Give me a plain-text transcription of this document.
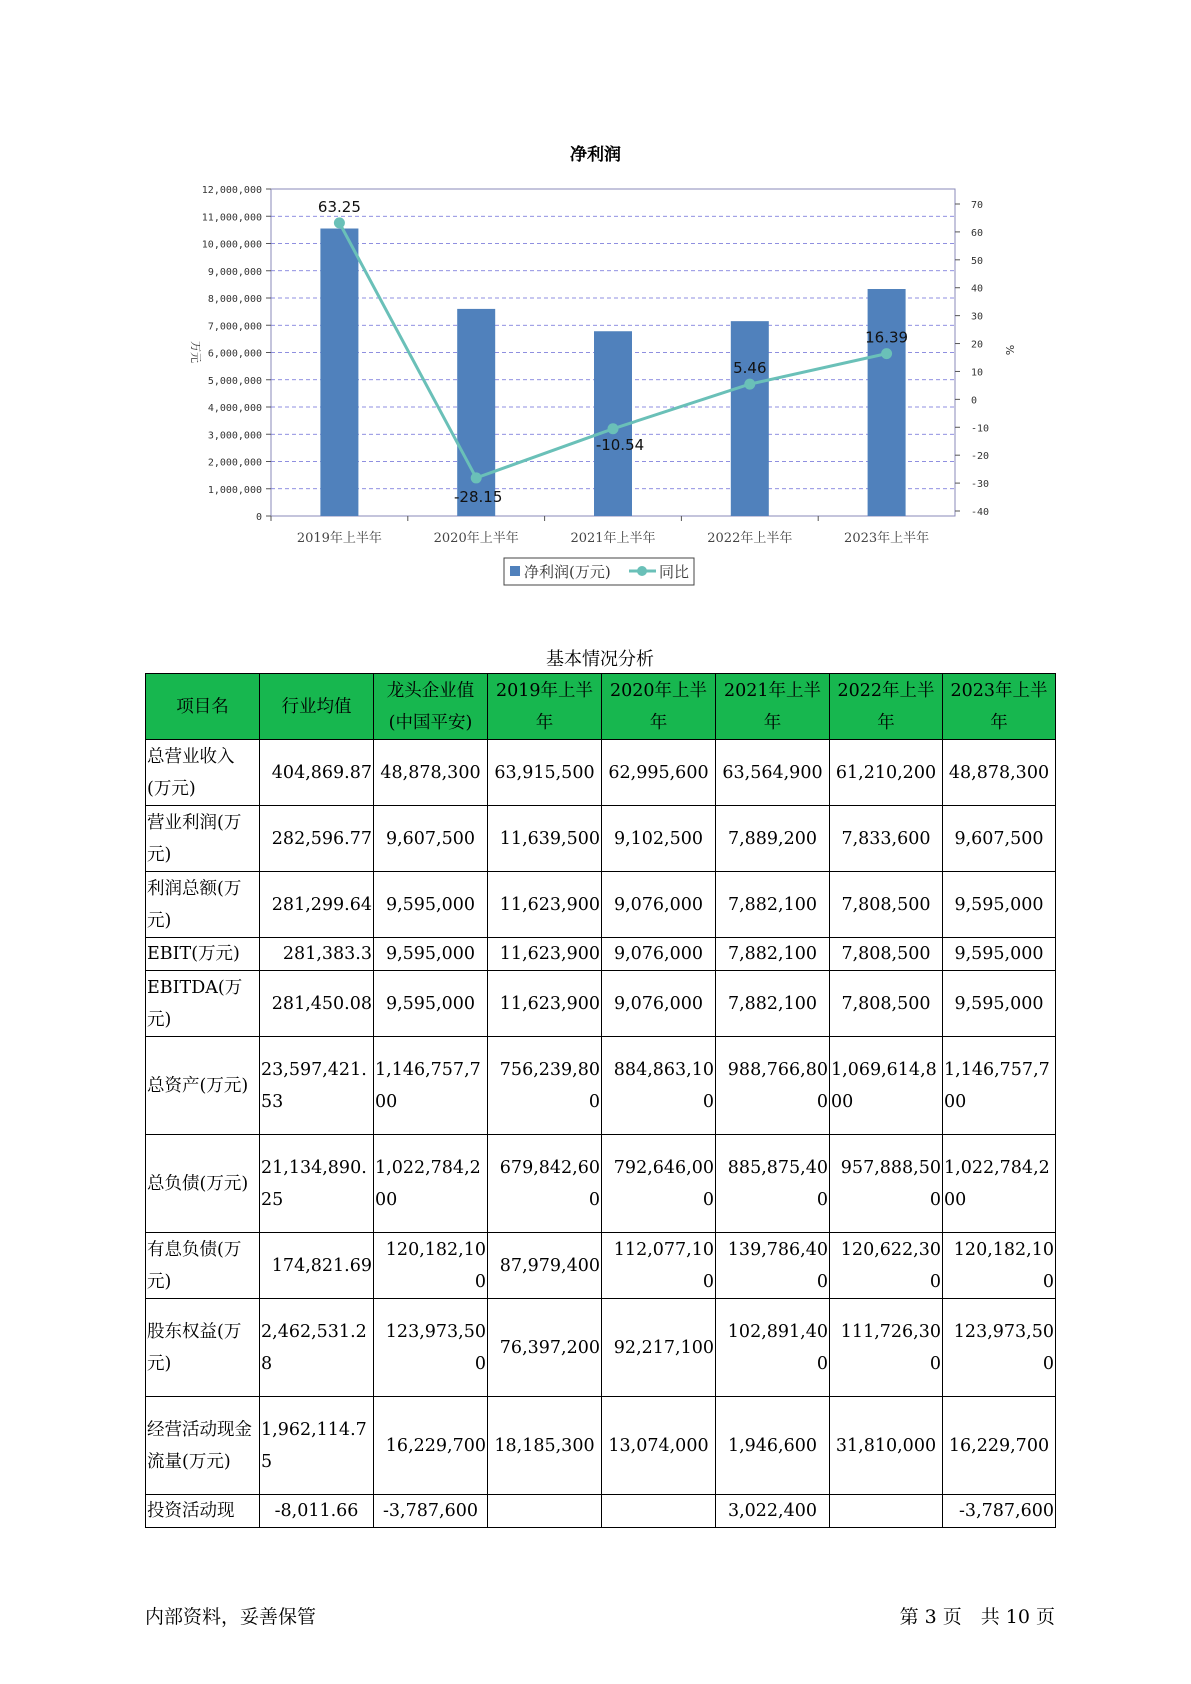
净利润
0
1,000,000
2,000,000
3,000,000
4,000,000
5,000,000
6,000,000
7,000,000
8,000,000
9,000,000
10,000,000
11,000,000
12,000,000
-40
-30
-20
-10
0
10
20
30
40
50
60
70
万元	%
2019年上半年	2020年上半年	2021年上半年	2022年上半年	2023年上半年
63.25
-28.15
-10.54
5.46
16.39
净利润(万元)	同比
基本情况分析
项目名	行业均值	龙头企业值(中国平安)	2019年上半年	2020年上半年	2021年上半年	2022年上半年	2023年上半年
总营业收入(万元)	404,869.87	48,878,300	63,915,500	62,995,600	63,564,900	61,210,200	48,878,300
营业利润(万元)	282,596.77	9,607,500	11,639,500	9,102,500	7,889,200	7,833,600	9,607,500
利润总额(万元)	281,299.64	9,595,000	11,623,900	9,076,000	7,882,100	7,808,500	9,595,000
EBIT(万元)	281,383.3	9,595,000	11,623,900	9,076,000	7,882,100	7,808,500	9,595,000
EBITDA(万元)	281,450.08	9,595,000	11,623,900	9,076,000	7,882,100	7,808,500	9,595,000
总资产(万元)	23,597,421.53	1,146,757,700	756,239,800	884,863,100	988,766,800	1,069,614,800	1,146,757,700
总负债(万元)	21,134,890.25	1,022,784,200	679,842,600	792,646,000	885,875,400	957,888,500	1,022,784,200
有息负债(万元)	174,821.69	120,182,100	87,979,400	112,077,100	139,786,400	120,622,300	120,182,100
股东权益(万元)	2,462,531.28	123,973,500	76,397,200	92,217,100	102,891,400	111,726,300	123,973,500
经营活动现金流量(万元)	1,962,114.75	16,229,700	18,185,300	13,074,000	1,946,600	31,810,000	16,229,700
投资活动现	-8,011.66	-3,787,600			3,022,400		-3,787,600
内部资料，妥善保管	第 3 页　共 10 页
